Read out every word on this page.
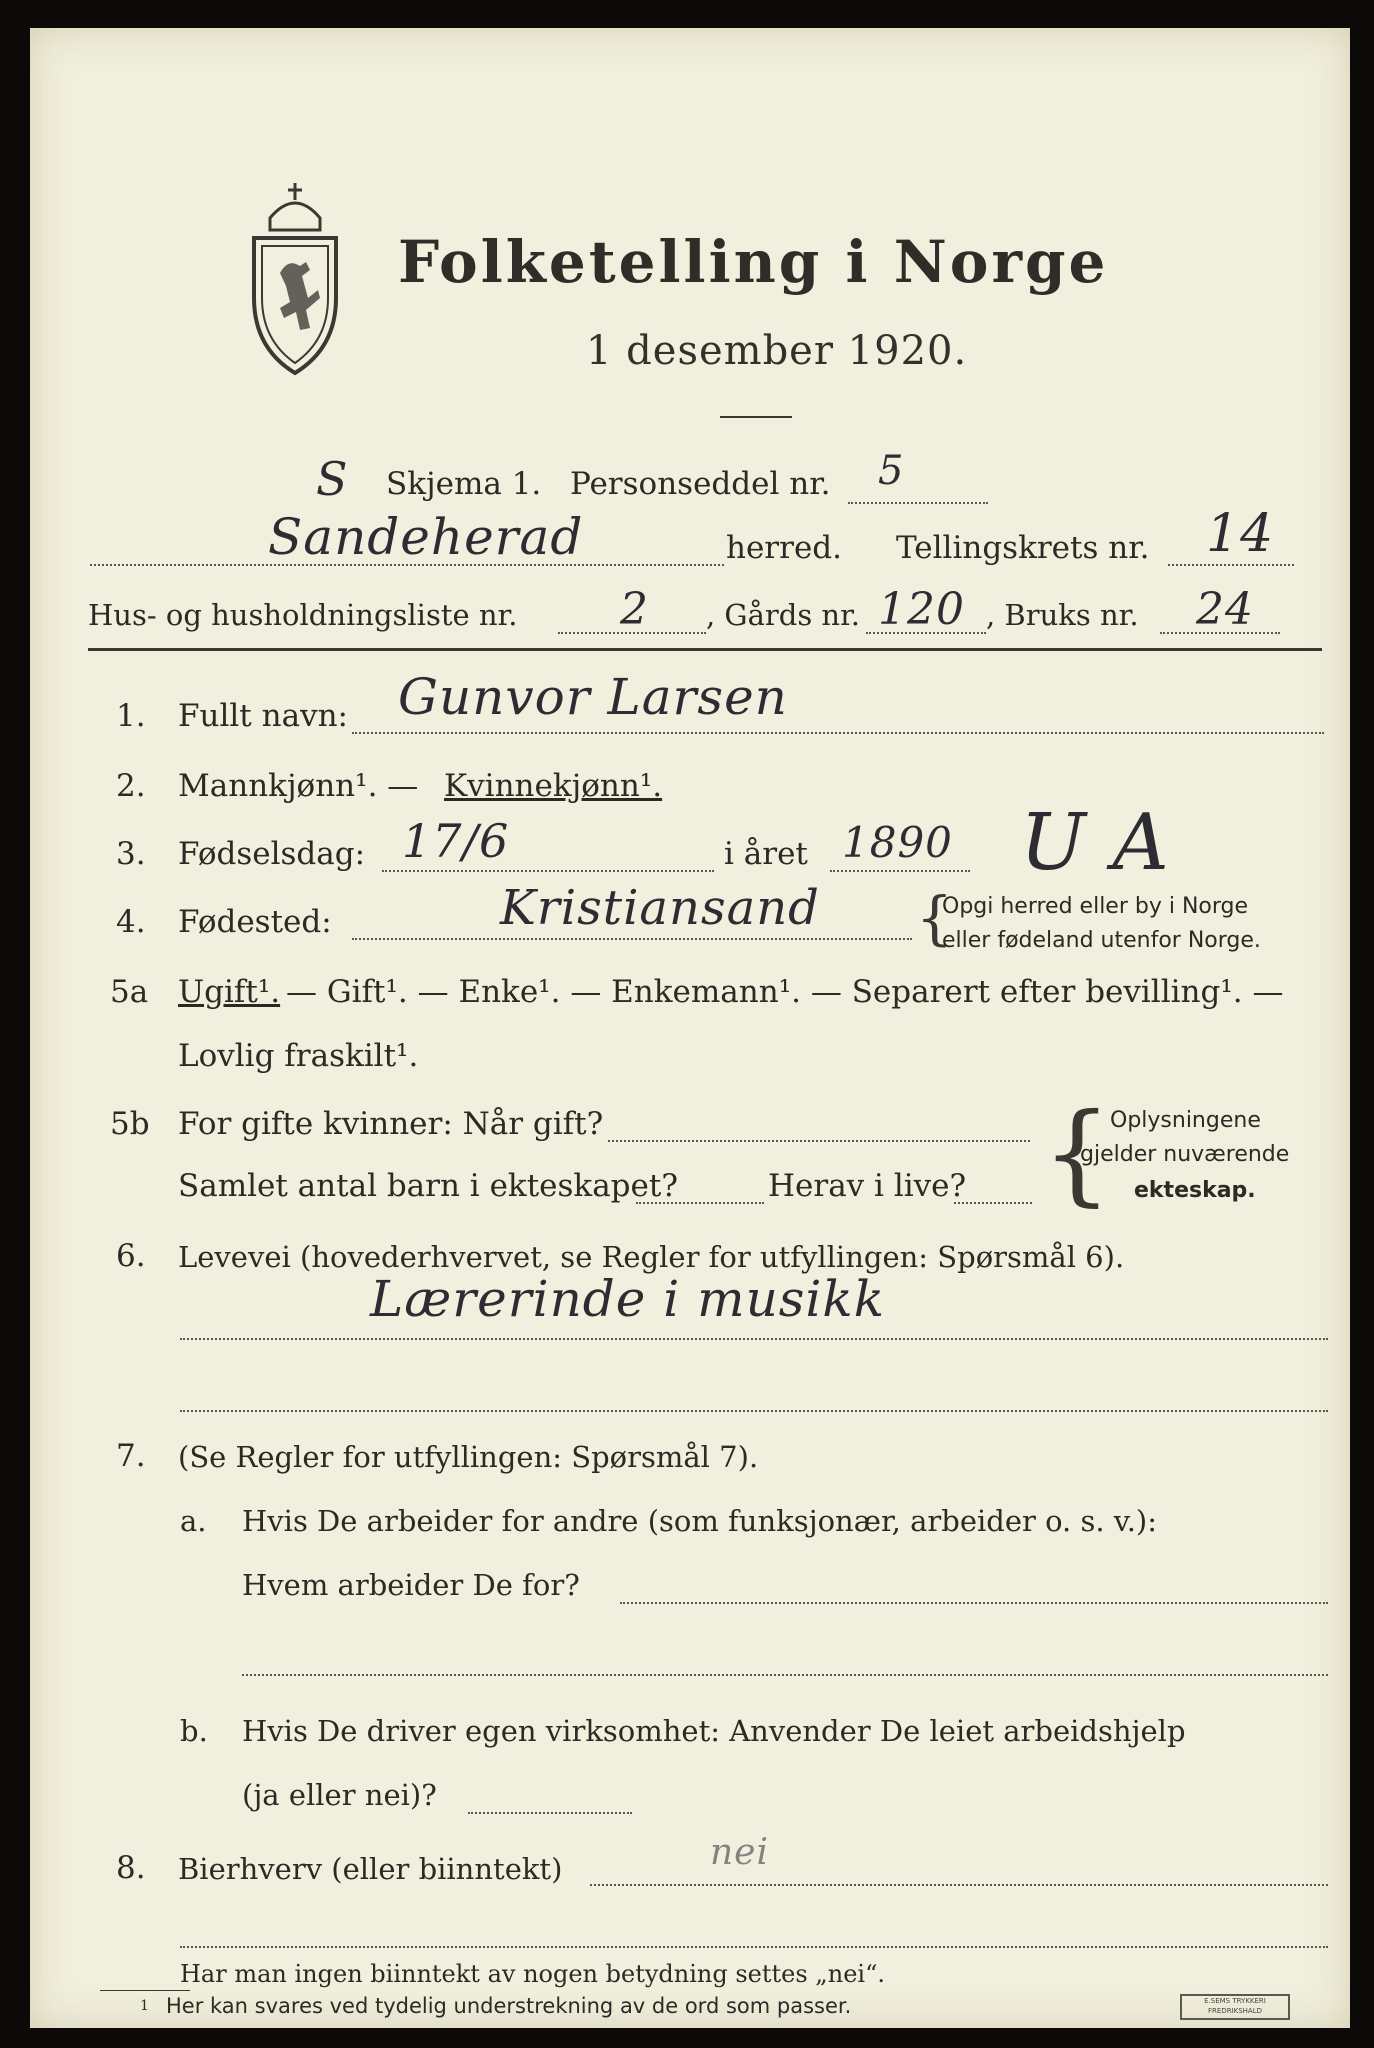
Folketelling i Norge
1 desember 1920.
S Skjema 1. Personseddel nr. 5
Sandeherad	herred. Tellingskrets nr. 14
Hus- og husholdningsliste nr. 2 , Gårds nr. 120 , Bruks nr. 24
1. Fullt navn: Gunvor Larsen
2. Mannkjønn¹. — Kvinnekjønn¹.
3. Fødselsdag: 17/6	i året 1890 U A
4. Fødested:	Kristiansand {
Opgi herred eller by i Norge
eller fødeland utenfor Norge.
5a Ugift¹. — Gift¹. — Enke¹. — Enkemann¹. — Separert efter bevilling¹. —
Lovlig fraskilt¹.
5b For gifte kvinner: Når gift?
Samlet antal barn i ekteskapet?	Herav i live? {
Oplysningene
gjelder nuværende
ekteskap.
6. Levevei (hovederhvervet, se Regler for utfyllingen: Spørsmål 6).
Lærerinde i musikk
7. (Se Regler for utfyllingen: Spørsmål 7).
a. Hvis De arbeider for andre (som funksjonær, arbeider o. s. v.):
Hvem arbeider De for?
b. Hvis De driver egen virksomhet: Anvender De leiet arbeidshjelp
(ja eller nei)?
8. Bierhverv (eller biinntekt)	nei
Har man ingen biinntekt av nogen betydning settes „nei“.
1 Her kan svares ved tydelig understrekning av de ord som passer.	E.SEMS TRYKKERI FREDRIKSHALD
